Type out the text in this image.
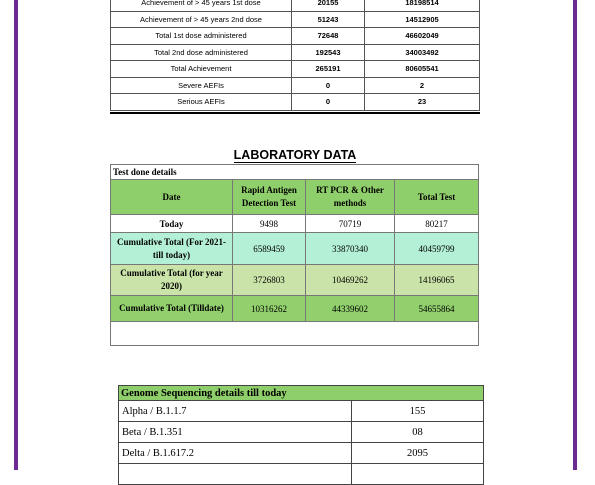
Achievement of > 45 years 1st dose	20155	18198514
Achievement of > 45 years 2nd dose	51243	14512905
Total 1st dose administered	72648	46602049
Total 2nd dose administered	192543	34003492
Total Achievement	265191	80605541
Severe AEFIs	0	2
Serious AEFIs	0	23
LABORATORY DATA
Test done details			
Date	Rapid Antigen Detection Test	RT PCR & Other methods	Total Test
Today	9498	70719	80217
Cumulative Total (For 2021- till today)	6589459	33870340	40459799
Cumulative Total (for year 2020)	3726803	10469262	14196065
Cumulative Total (Tilldate)	10316262	44339602	54655864

Genome Sequencing details till today	
Alpha / B.1.1.7	155
Beta / B.1.351	08
Delta / B.1.617.2	2095
